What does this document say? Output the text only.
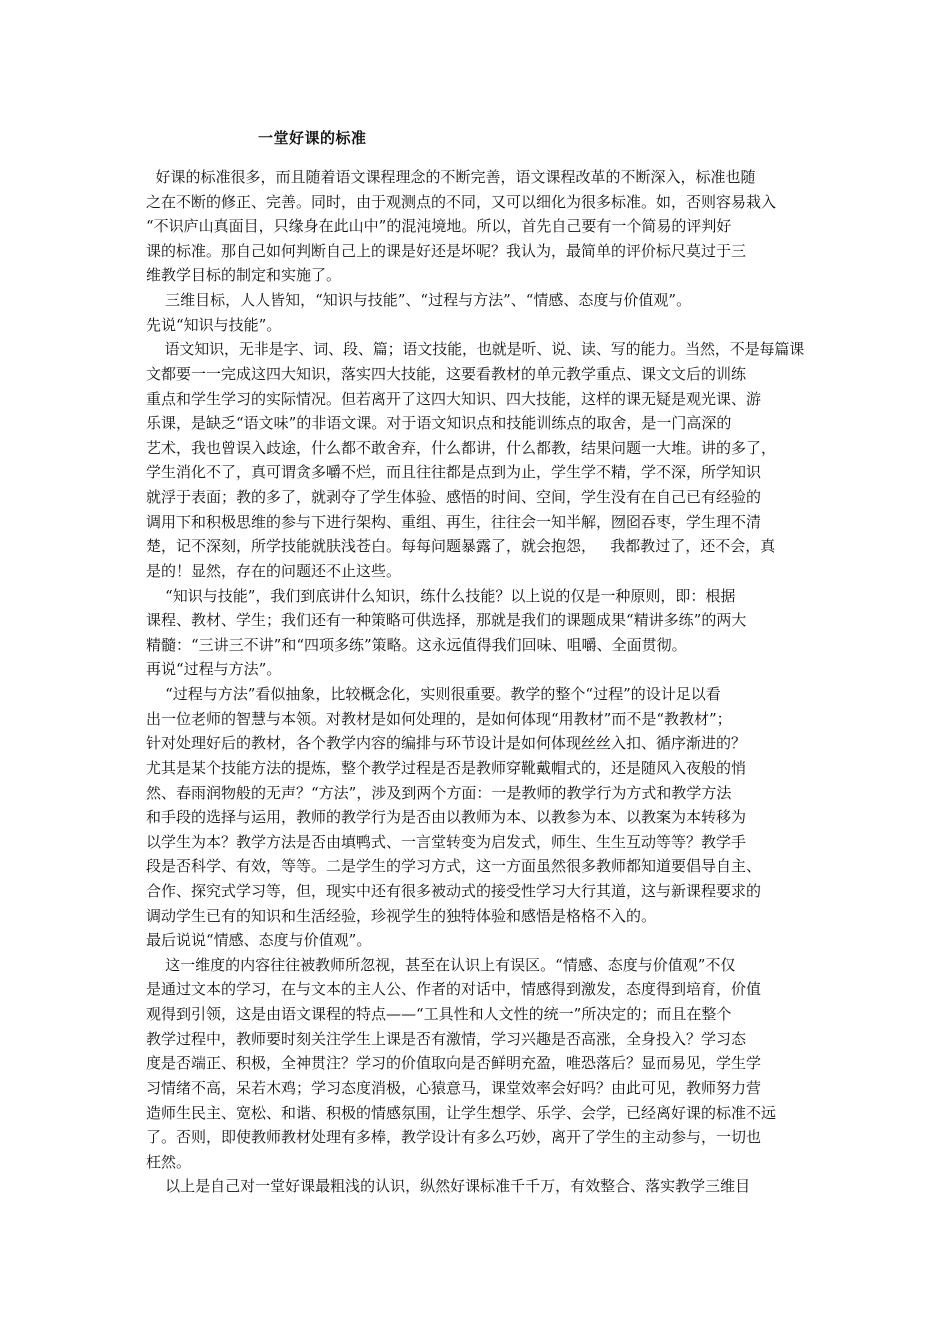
一堂好课的标准
好课的标准很多，而且随着语文课程理念的不断完善，语文课程改革的不断深入，标准也随
之在不断的修正、完善。同时，由于观测点的不同，又可以细化为很多标准。如，否则容易栽入
“不识庐山真面目，只缘身在此山中”的混沌境地。所以，首先自己要有一个简易的评判好
课的标准。那自己如何判断自己上的课是好还是坏呢？我认为，最简单的评价标尺莫过于三
维教学目标的制定和实施了。
三维目标，人人皆知，“知识与技能”、“过程与方法”、“情感、态度与价值观”。
先说“知识与技能”。
语文知识，无非是字、词、段、篇；语文技能，也就是听、说、读、写的能力。当然，不是每篇课
文都要一一完成这四大知识，落实四大技能，这要看教材的单元教学重点、课文文后的训练
重点和学生学习的实际情况。但若离开了这四大知识、四大技能，这样的课无疑是观光课、游
乐课，是缺乏“语文味”的非语文课。对于语文知识点和技能训练点的取舍，是一门高深的
艺术，我也曾误入歧途，什么都不敢舍弃，什么都讲，什么都教，结果问题一大堆。讲的多了，
学生消化不了，真可谓贪多嚼不烂，而且往往都是点到为止，学生学不精，学不深，所学知识
就浮于表面；教的多了，就剥夺了学生体验、感悟的时间、空间，学生没有在自己已有经验的
调用下和积极思维的参与下进行架构、重组、再生，往往会一知半解，囫囵吞枣，学生理不清
楚，记不深刻，所学技能就肤浅苍白。每每问题暴露了，就会抱怨，   我都教过了，还不会，真
是的！显然，存在的问题还不止这些。
“知识与技能”，我们到底讲什么知识，练什么技能？以上说的仅是一种原则，即：根据
课程、教材、学生；我们还有一种策略可供选择，那就是我们的课题成果“精讲多练”的两大
精髓：“三讲三不讲”和“四项多练”策略。这永远值得我们回味、咀嚼、全面贯彻。
再说“过程与方法”。
“过程与方法”看似抽象，比较概念化，实则很重要。教学的整个“过程”的设计足以看
出一位老师的智慧与本领。对教材是如何处理的，是如何体现“用教材”而不是“教教材”；
针对处理好后的教材，各个教学内容的编排与环节设计是如何体现丝丝入扣、循序渐进的？
尤其是某个技能方法的提炼，整个教学过程是否是教师穿靴戴帽式的，还是随风入夜般的悄
然、春雨润物般的无声？“方法”，涉及到两个方面：一是教师的教学行为方式和教学方法
和手段的选择与运用，教师的教学行为是否由以教师为本、以教参为本、以教案为本转移为
以学生为本？教学方法是否由填鸭式、一言堂转变为启发式，师生、生生互动等等？教学手
段是否科学、有效，等等。二是学生的学习方式，这一方面虽然很多教师都知道要倡导自主、
合作、探究式学习等，但，现实中还有很多被动式的接受性学习大行其道，这与新课程要求的
调动学生已有的知识和生活经验，珍视学生的独特体验和感悟是格格不入的。
最后说说“情感、态度与价值观”。
这一维度的内容往往被教师所忽视，甚至在认识上有误区。“情感、态度与价值观”不仅
是通过文本的学习，在与文本的主人公、作者的对话中，情感得到激发，态度得到培育，价值
观得到引领，这是由语文课程的特点——“工具性和人文性的统一”所决定的；而且在整个
教学过程中，教师要时刻关注学生上课是否有激情，学习兴趣是否高涨，全身投入？学习态
度是否端正、积极，全神贯注？学习的价值取向是否鲜明充盈，唯恐落后？显而易见，学生学
习情绪不高，呆若木鸡；学习态度消极，心猿意马，课堂效率会好吗？由此可见，教师努力营
造师生民主、宽松、和谐、积极的情感氛围，让学生想学、乐学、会学，已经离好课的标准不远
了。否则，即使教师教材处理有多棒，教学设计有多么巧妙，离开了学生的主动参与，一切也
枉然。
以上是自己对一堂好课最粗浅的认识，纵然好课标准千千万，有效整合、落实教学三维目
